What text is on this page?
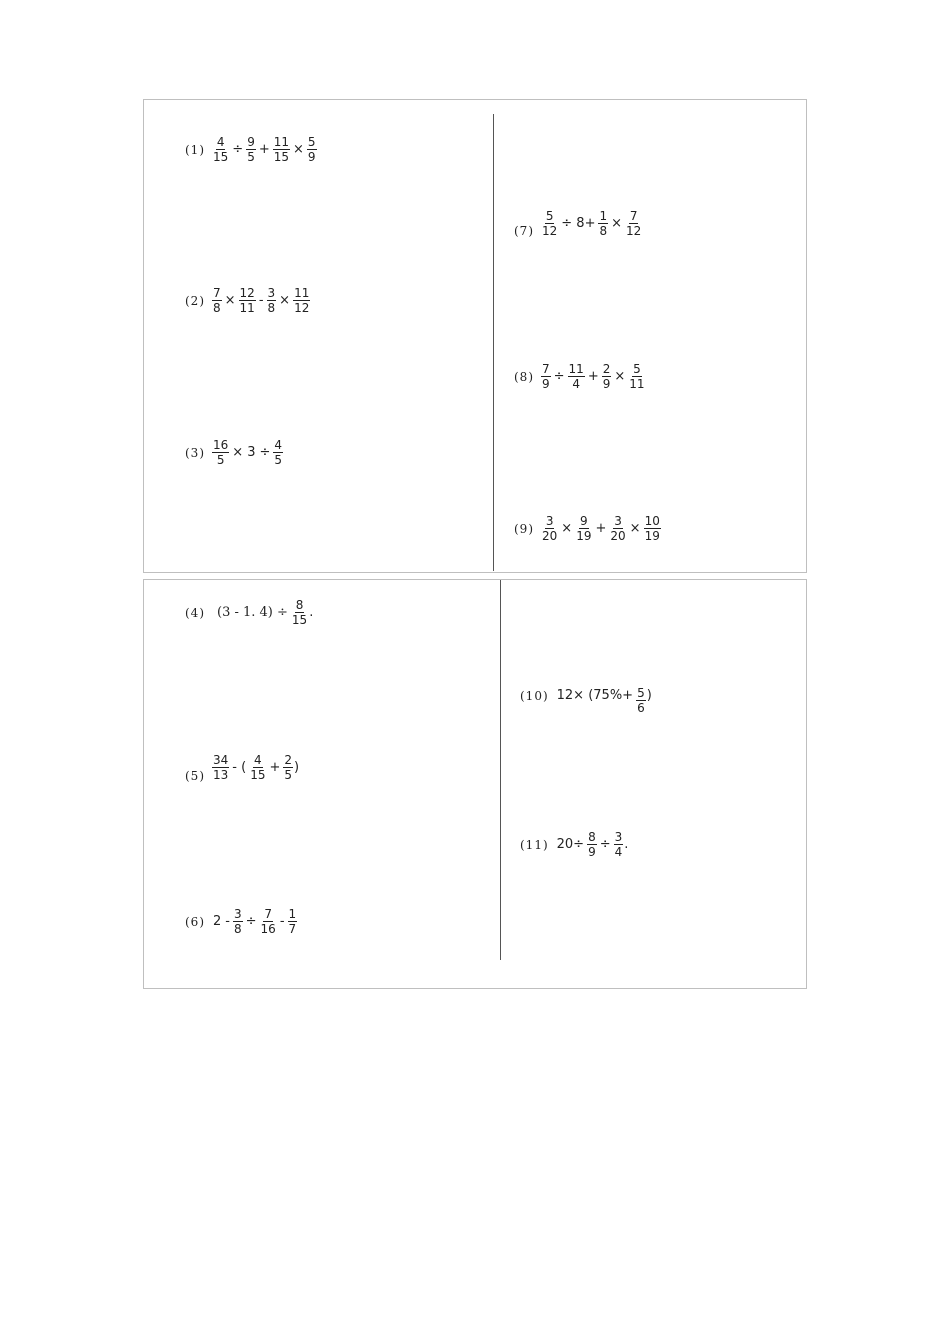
$(1) \frac{4}{15} \div \frac{9}{5} + \frac{11}{15} \times \frac{5}{9}$
$(2) \frac{7}{8} \times \frac{12}{11} - \frac{3}{8} \times \frac{11}{12}$
$(3) \frac{16}{5} \times 3 \div \frac{4}{5}$
$(7) \frac{5}{12} \div 8+ \frac{1}{8} \times \frac{7}{12}$
$(8) \frac{7}{9} \div \frac{11}{4} + \frac{2}{9} \times \frac{5}{11}$
$(9) \frac{3}{20} \times \frac{9}{19} + \frac{3}{20} \times \frac{10}{19}$
(4) (3 - 1. $4) \div \frac{8}{15}$ .
$(5) \frac{34}{13}$ - ( $\frac{4}{15} + \frac{2}{5}$ )
(6) $2 - \frac{3}{8} \div \frac{7}{16} - \frac{1}{7}$
(10) $12\times (75\%+ \frac{5}{6}$ )
(11) $20\div \frac{8}{9} \div \frac{3}{4}$ .
